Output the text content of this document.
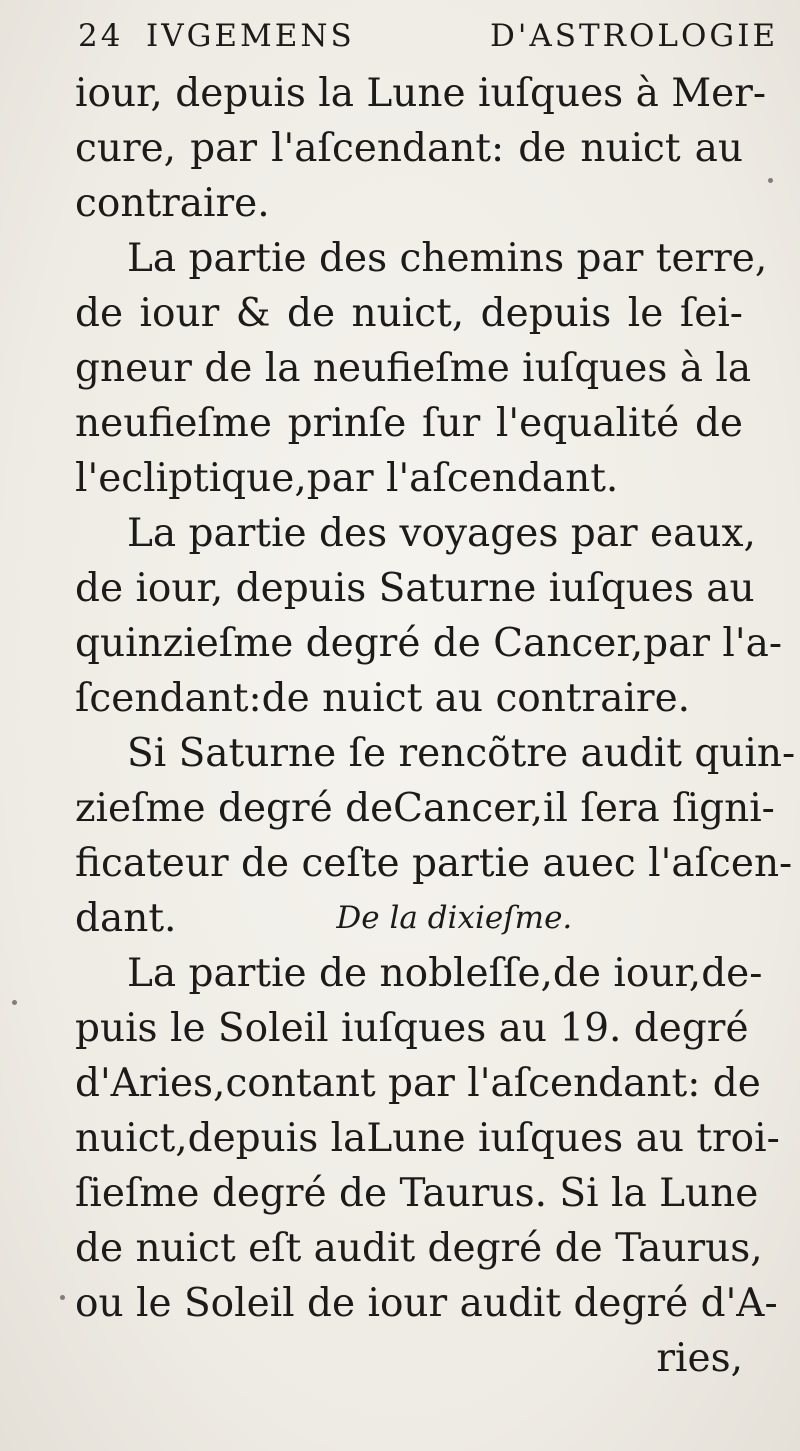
24 IVGEMENS	D'ASTROLOGIE
iour, depuis la Lune iuſques à Mer-
cure, par l'aſcendant: de nuict au
contraire.
La partie des chemins par terre,
de iour & de nuict, depuis le ſei-
gneur de la neufieſme iuſques à la
neufieſme prinſe ſur l'equalité de
l'ecliptique,par l'aſcendant.
La partie des voyages par eaux,
de iour, depuis Saturne iuſques au
quinzieſme degré de Cancer,par l'a-
ſcendant:de nuict au contraire.
Si Saturne ſe rencõtre audit quin-
zieſme degré deCancer,il ſera ſigni-
ficateur de ceſte partie auec l'aſcen-
dant.	De la dixieſme.
La partie de nobleſſe,de iour,de-
puis le Soleil iuſques au 19. degré
d'Aries,contant par l'aſcendant: de
nuict,depuis laLune iuſques au troi-
ſieſme degré de Taurus. Si la Lune
de nuict eſt audit degré de Taurus,
ou le Soleil de iour audit degré d'A-
ries,
